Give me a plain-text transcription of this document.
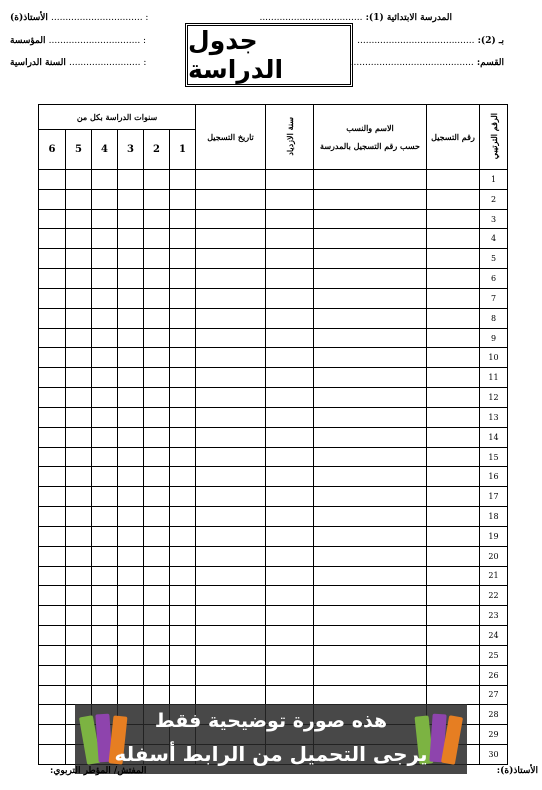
المدرسة الابتدائية (1): ....................................
بـ (2): .........................................
القسم: ...........................................
: ................................ الأستاذ(ة)
: ................................ المؤسسة
: ......................... السنة الدراسية
جدول الدراسة
الرقم الترتيبي	رقم التسجيل	الاسم والنسب
حسب رقم التسجيل بالمدرسة	سنة الازدياد	تاريخ التسجيل	سنوات الدراسة بكل من					
					1	2	3	4	5	6
1										
2										
3										
4										
5										
6										
7										
8										
9										
10										
11										
12										
13										
14										
15										
16										
17										
18										
19										
20										
21										
22										
23										
24										
25										
26										
27										
28										
29										
30										
هذه صورة توضيحية فقط
يرجى التحميل من الرابط أسفله
الأستاذ(ة):
المفتش/ المؤطر التربوي:
